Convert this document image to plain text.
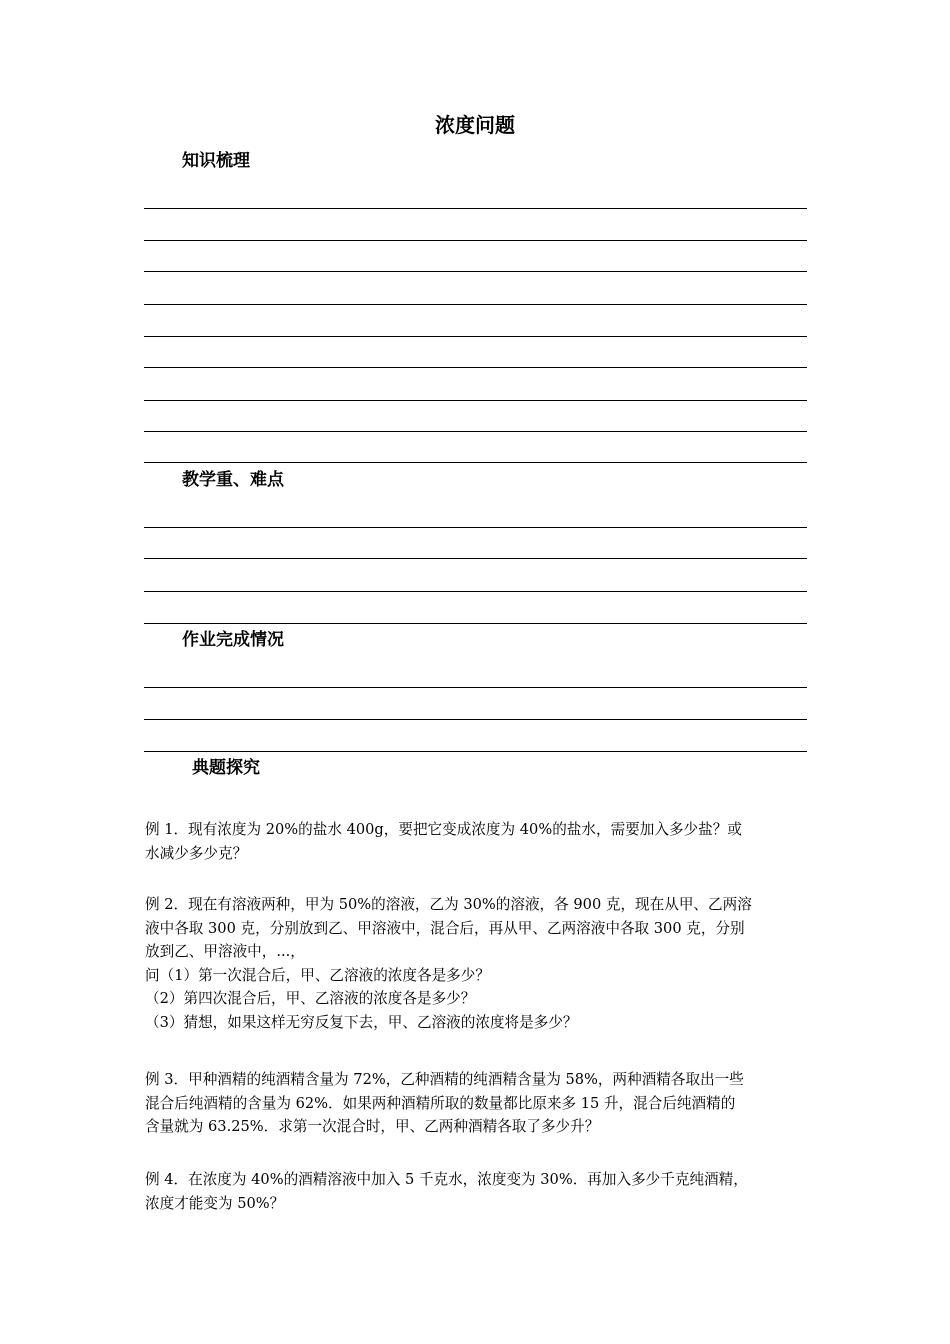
浓度问题
知识梳理
教学重、难点
作业完成情况
典题探究
例 1．现有浓度为 20%的盐水 400g，要把它变成浓度为 40%的盐水，需要加入多少盐？或
水减少多少克？
例 2．现在有溶液两种，甲为 50%的溶液，乙为 30%的溶液，各 900 克，现在从甲、乙两溶
液中各取 300 克，分别放到乙、甲溶液中，混合后，再从甲、乙两溶液中各取 300 克，分别
放到乙、甲溶液中，...，
问（1）第一次混合后，甲、乙溶液的浓度各是多少？
（2）第四次混合后，甲、乙溶液的浓度各是多少？
（3）猜想，如果这样无穷反复下去，甲、乙溶液的浓度将是多少？
例 3．甲种酒精的纯酒精含量为 72%，乙种酒精的纯酒精含量为 58%，两种酒精各取出一些
混合后纯酒精的含量为 62%．如果两种酒精所取的数量都比原来多 15 升，混合后纯酒精的
含量就为 63.25%．求第一次混合时，甲、乙两种酒精各取了多少升？
例 4．在浓度为 40%的酒精溶液中加入 5 千克水，浓度变为 30%．再加入多少千克纯酒精，
浓度才能变为 50%？
